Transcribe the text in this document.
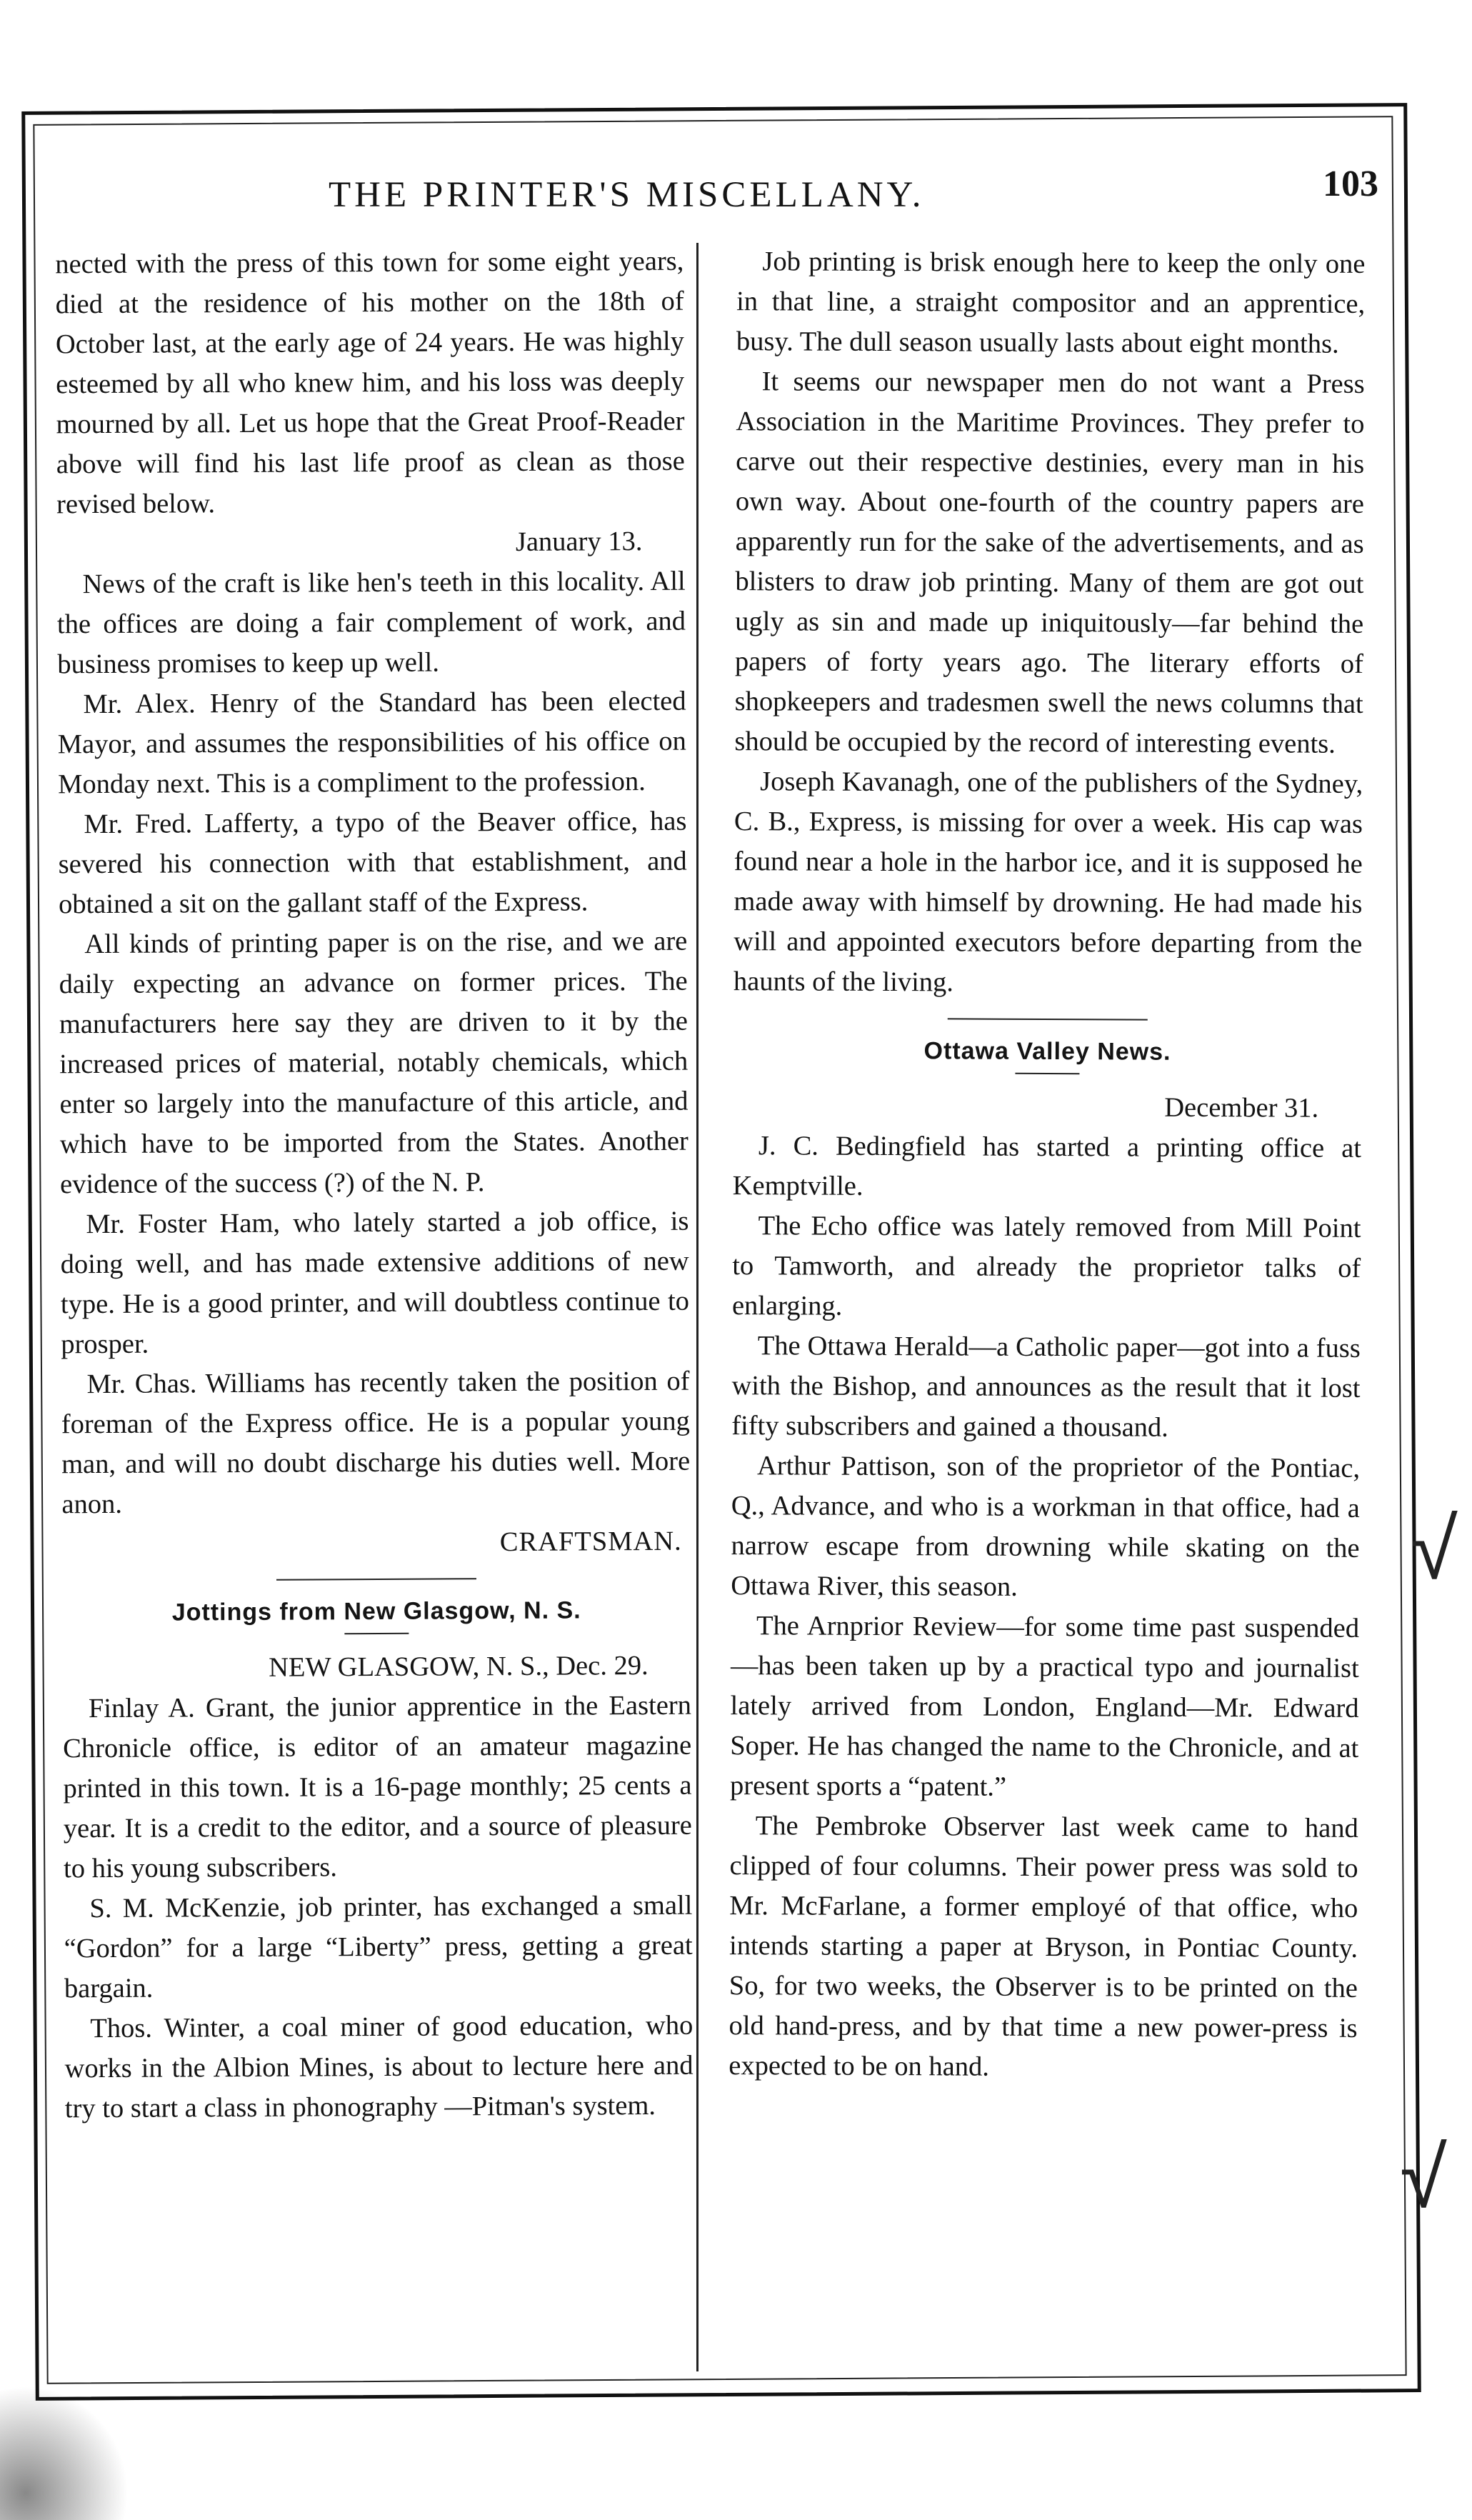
THE PRINTER'S MISCELLANY.	103

nected with the press of this town for some eight years, died at the residence of his mother on the 18th of October last, at the early age of 24 years. He was highly esteemed by all who knew him, and his loss was deeply mourned by all. Let us hope that the Great Proof-Reader above will find his last life proof as clean as those revised below.

January 13.

News of the craft is like hen's teeth in this locality. All the offices are doing a fair complement of work, and business promises to keep up well.

Mr. Alex. Henry of the Standard has been elected Mayor, and assumes the responsibilities of his office on Monday next. This is a compliment to the profession.

Mr. Fred. Lafferty, a typo of the Beaver office, has severed his connection with that establishment, and obtained a sit on the gallant staff of the Express.

All kinds of printing paper is on the rise, and we are daily expecting an advance on former prices. The manufacturers here say they are driven to it by the increased prices of material, notably chemicals, which enter so largely into the manufacture of this article, and which have to be imported from the States. Another evidence of the success (?) of the N. P.

Mr. Foster Ham, who lately started a job office, is doing well, and has made extensive additions of new type. He is a good printer, and will doubtless continue to prosper.

Mr. Chas. Williams has recently taken the position of foreman of the Express office. He is a popular young man, and will no doubt discharge his duties well. More anon.

CRAFTSMAN.

Jottings from New Glasgow, N. S.

NEW GLASGOW, N. S., Dec. 29.

Finlay A. Grant, the junior apprentice in the Eastern Chronicle office, is editor of an amateur magazine printed in this town. It is a 16-page monthly; 25 cents a year. It is a credit to the editor, and a source of pleasure to his young subscribers.

S. M. McKenzie, job printer, has exchanged a small “Gordon” for a large “Liberty” press, getting a great bargain.

Thos. Winter, a coal miner of good education, who works in the Albion Mines, is about to lecture here and try to start a class in phonography —Pitman's system.

Job printing is brisk enough here to keep the only one in that line, a straight compositor and an apprentice, busy. The dull season usually lasts about eight months.

It seems our newspaper men do not want a Press Association in the Maritime Provinces. They prefer to carve out their respective destinies, every man in his own way. About one-fourth of the country papers are apparently run for the sake of the advertisements, and as blisters to draw job printing. Many of them are got out ugly as sin and made up iniquitously—far behind the papers of forty years ago. The literary efforts of shopkeepers and tradesmen swell the news columns that should be occupied by the record of interesting events.

Joseph Kavanagh, one of the publishers of the Sydney, C. B., Express, is missing for over a week. His cap was found near a hole in the harbor ice, and it is supposed he made away with himself by drowning. He had made his will and appointed executors before departing from the haunts of the living.

Ottawa Valley News.

December 31.

J. C. Bedingfield has started a printing office at Kemptville.

The Echo office was lately removed from Mill Point to Tamworth, and already the proprietor talks of enlarging.

The Ottawa Herald—a Catholic paper—got into a fuss with the Bishop, and announces as the result that it lost fifty subscribers and gained a thousand.

Arthur Pattison, son of the proprietor of the Pontiac, Q., Advance, and who is a workman in that office, had a narrow escape from drowning while skating on the Ottawa River, this season.

The Arnprior Review—for some time past suspended—has been taken up by a practical typo and journalist lately arrived from London, England—Mr. Edward Soper. He has changed the name to the Chronicle, and at present sports a “patent.”

The Pembroke Observer last week came to hand clipped of four columns. Their power press was sold to Mr. McFarlane, a former employé of that office, who intends starting a paper at Bryson, in Pontiac County. So, for two weeks, the Observer is to be printed on the old hand-press, and by that time a new power-press is expected to be on hand.

√
√
